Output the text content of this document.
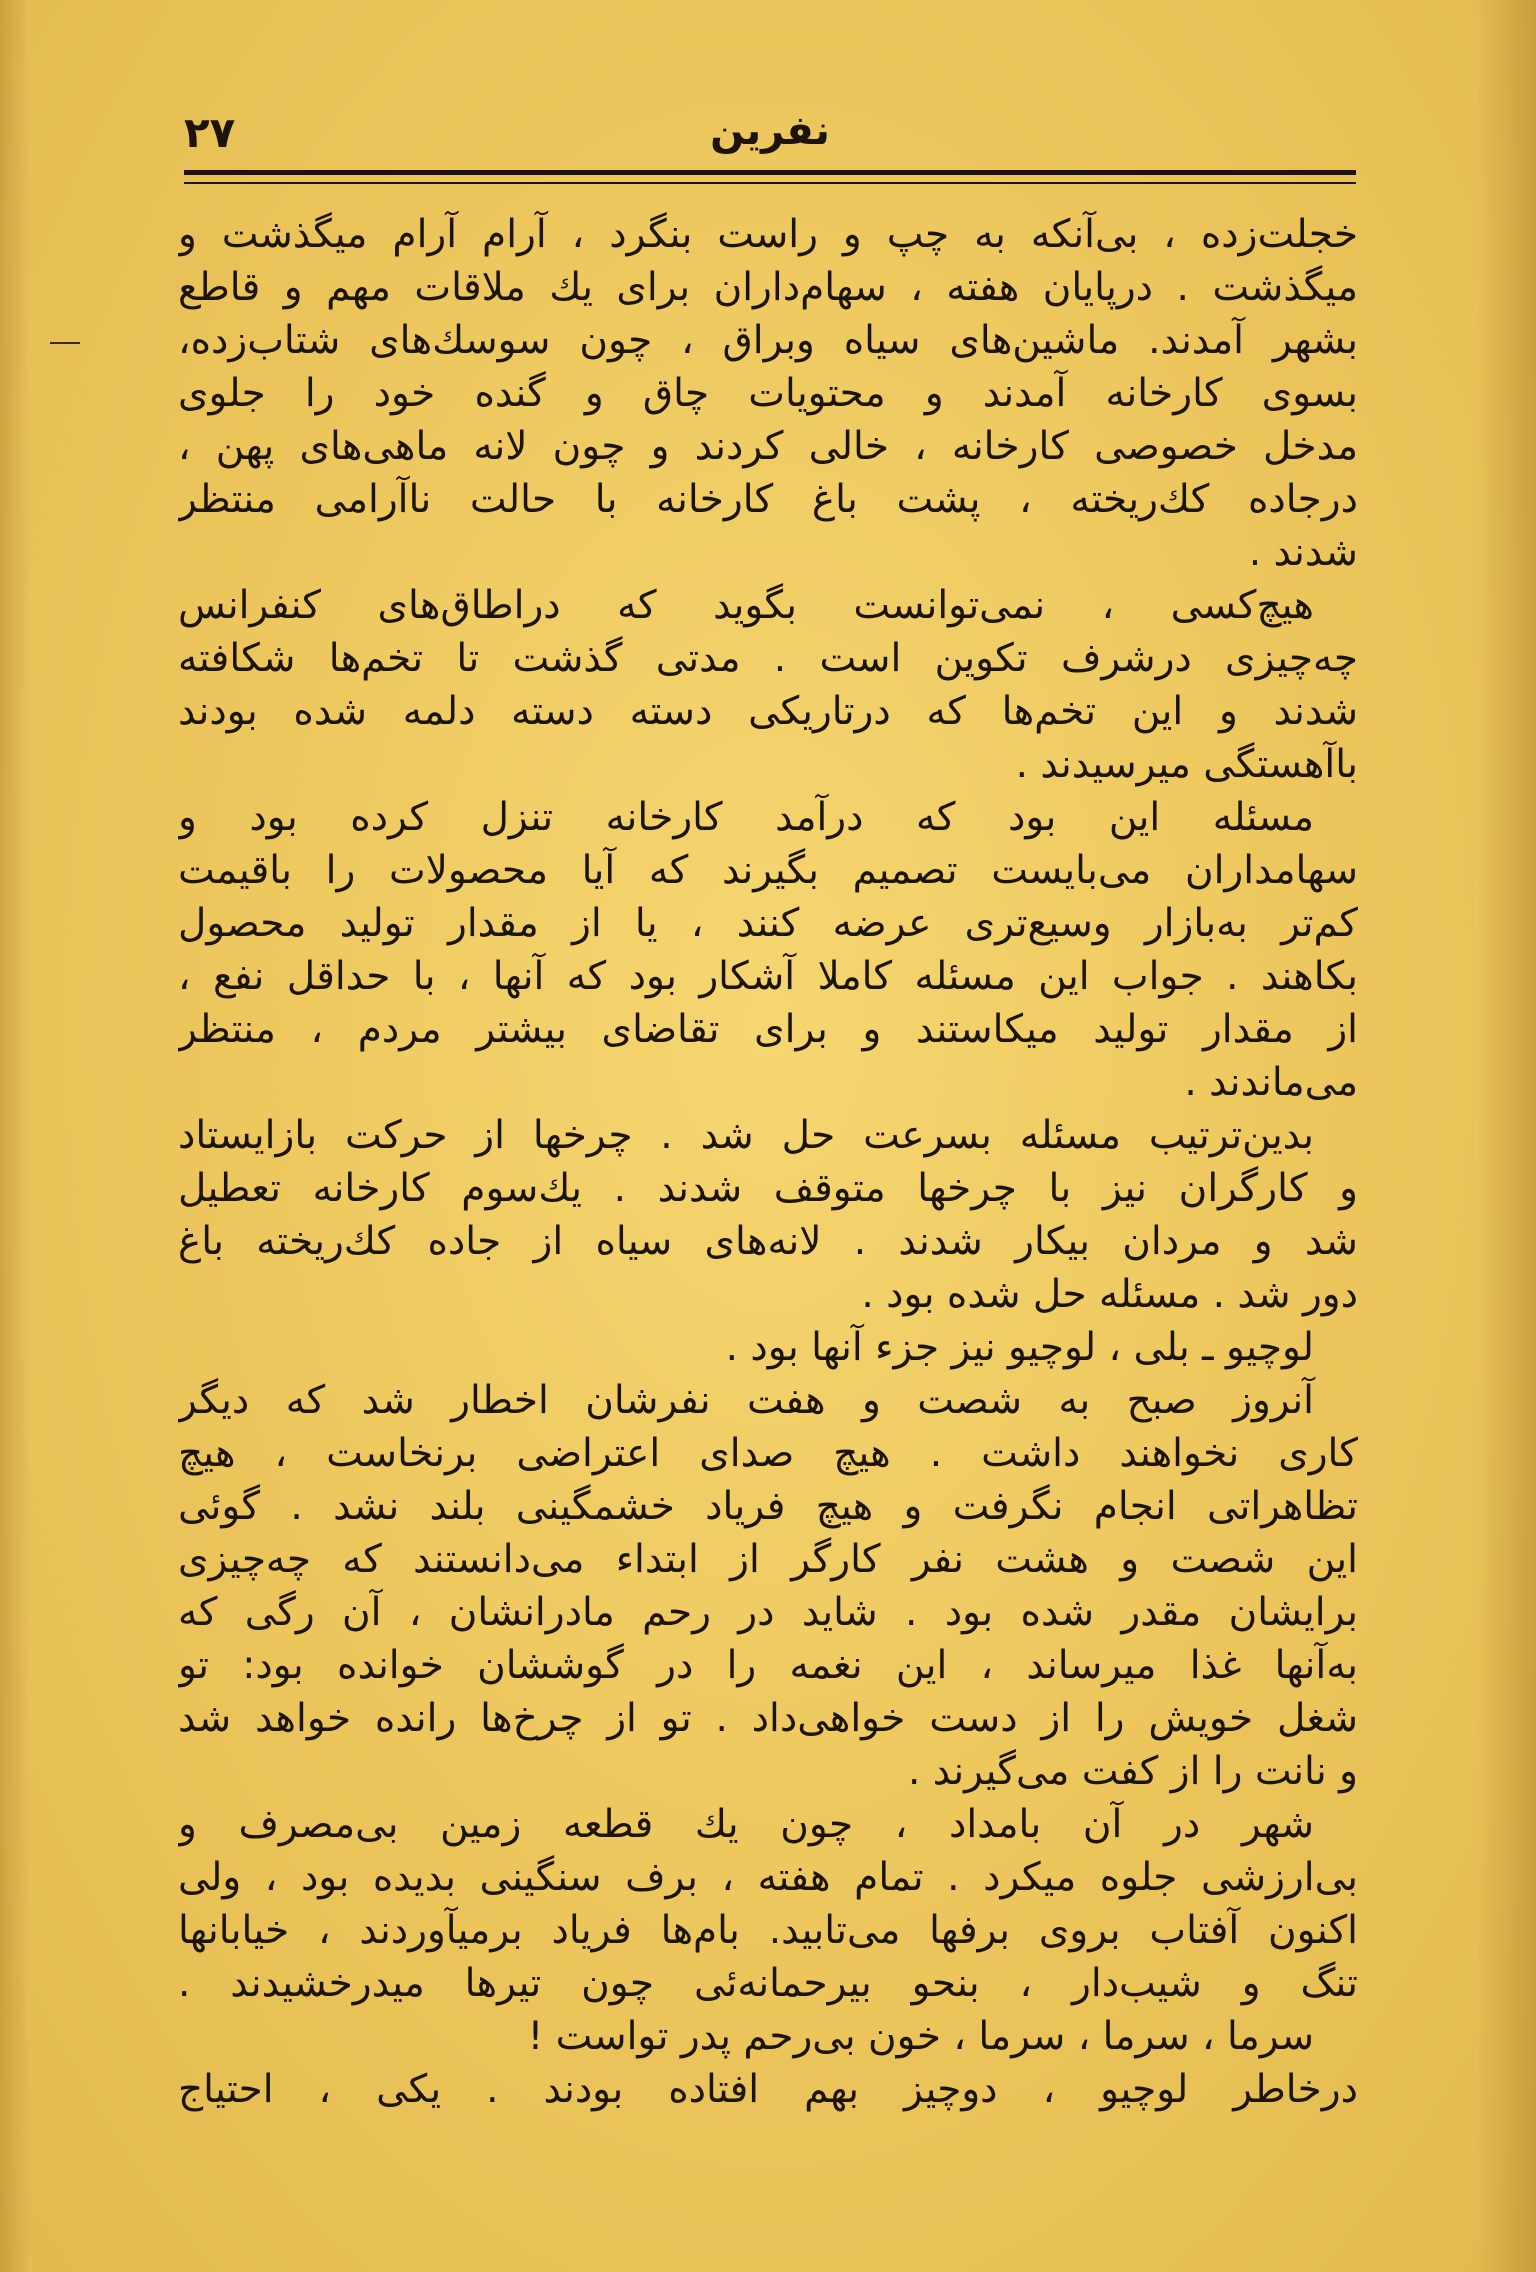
۲۷	نفرین
خجلت‌زده ، بی‌آنکه به چپ و راست بنگرد ، آرام آرام میگذشت و
میگذشت . درپایان هفته ، سهام‌داران برای یك ملاقات مهم و قاطع
بشهر آمدند. ماشین‌های سیاه وبراق ، چون سوسك‌های شتاب‌زده،
بسوی کارخانه آمدند و محتویات چاق و گنده خود را جلوی
مدخل خصوصی کارخانه ، خالی کردند و چون لانه ماهی‌های پهن ،
درجاده کك‌ریخته ، پشت باغ کارخانه با حالت ناآرامی منتظر
شدند .
هیچ‌کسی ، نمی‌توانست بگوید که دراطاق‌های کنفرانس
چه‌چیزی درشرف تکوین است . مدتی گذشت تا تخم‌ها شکافته
شدند و این تخم‌ها که درتاریکی دسته دسته دلمه شده بودند
باآهستگی میرسیدند .
مسئله این بود که درآمد کارخانه تنزل کرده بود و
سهامداران می‌بایست تصمیم بگیرند که آیا محصولات را باقیمت
کم‌تر به‌بازار وسیع‌تری عرضه کنند ، یا از مقدار تولید محصول
بکاهند . جواب این مسئله کاملا آشکار بود که آنها ، با حداقل نفع ،
از مقدار تولید میکاستند و برای تقاضای بیشتر مردم ، منتظر
می‌ماندند .
بدین‌ترتیب مسئله بسرعت حل شد . چرخها از حرکت بازایستاد
و کارگران نیز با چرخها متوقف شدند . یك‌سوم کارخانه تعطیل
شد و مردان بیکار شدند . لانه‌های سیاه از جاده کك‌ریخته باغ
دور شد . مسئله حل شده بود .
لوچیو ـ بلی ، لوچیو نیز جزء آنها بود .
آنروز صبح به شصت و هفت نفرشان اخطار شد که دیگر
کاری نخواهند داشت . هیچ صدای اعتراضی برنخاست ، هیچ
تظاهراتی انجام نگرفت و هیچ فریاد خشمگینی بلند نشد . گوئی
این شصت و هشت نفر کارگر از ابتداء می‌دانستند که چه‌چیزی
برایشان مقدر شده بود . شاید در رحم مادرانشان ، آن رگی که
به‌آنها غذا میرساند ، این نغمه را در گوششان خوانده بود: تو
شغل خویش را از دست خواهی‌داد . تو از چرخ‌ها رانده خواهد شد
و نانت را از کفت می‌گیرند .
شهر در آن بامداد ، چون یك قطعه زمین بی‌مصرف و
بی‌ارزشی جلوه میکرد . تمام هفته ، برف سنگینی بدیده بود ، ولی
اکنون آفتاب بروی برفها می‌تابید. بام‌ها فریاد برمیآوردند ، خیابانها
تنگ و شیب‌دار ، بنحو بیرحمانه‌ئی چون تیرها میدرخشیدند .
سرما ، سرما ، سرما ، خون بی‌رحم پدر تواست !
درخاطر لوچیو ، دوچیز بهم افتاده بودند . یکی ، احتیاج
